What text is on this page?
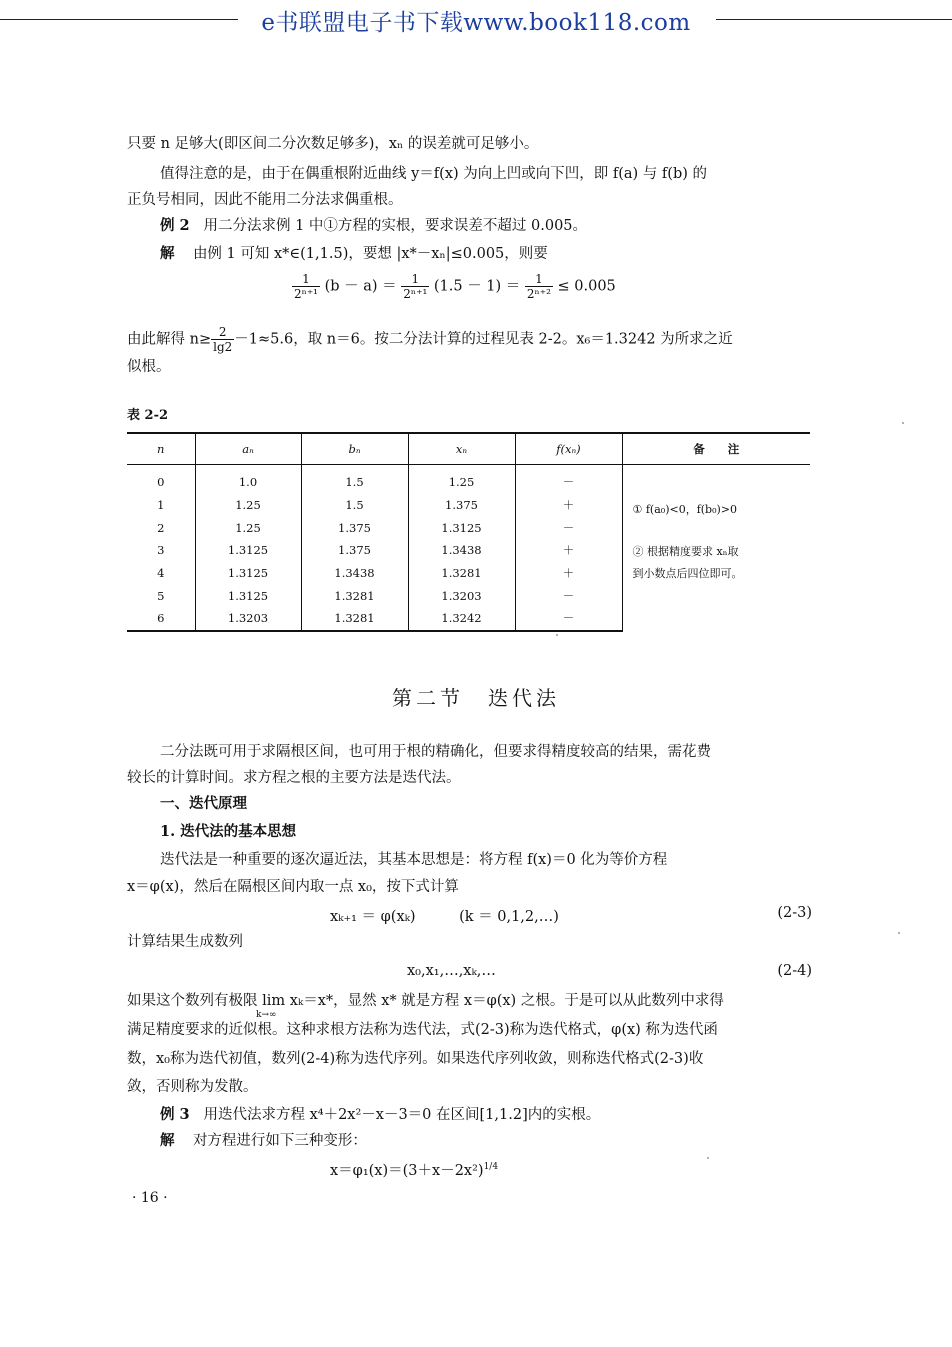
e书联盟电子书下载www.book118.com
只要 n 足够大(即区间二分次数足够多)，xₙ 的误差就可足够小。
值得注意的是，由于在偶重根附近曲线 y＝f(x) 为向上凹或向下凹，即 f(a) 与 f(b) 的
正负号相同，因此不能用二分法求偶重根。
例 2 用二分法求例 1 中①方程的实根，要求误差不超过 0.005。
解 由例 1 可知 x*∈(1,1.5)，要想 |x*－xₙ|≤0.005，则要
$\frac{1}{\text{2ⁿ⁺¹}} (b - a) = \frac{1}{\text{2ⁿ⁺¹}} (1.5 - 1) = \frac{1}{\text{2ⁿ⁺²}} \le 0.005$
由此解得 $n\ge \frac{2}{\lg 2} -1\approx 5.6$，取 n＝6。按二分法计算的过程见表 2-2。x₆＝1.3242 为所求之近
似根。
表 2-2
n	aₙ	bₙ	xₙ	f(xₙ)	备　　注
0	1.0	1.5	1.25	－	① f(a₀)<0，f(b₀)>0
② 根据精度要求 xₙ取
到小数点后四位即可。

1	1.25	1.5	1.375	＋	
2	1.25	1.375	1.3125	－	
3	1.3125	1.375	1.3438	＋	
4	1.3125	1.3438	1.3281	＋	
5	1.3125	1.3281	1.3203	－	
6	1.3203	1.3281	1.3242	－
第二节　迭代法
二分法既可用于求隔根区间，也可用于根的精确化，但要求得精度较高的结果，需花费
较长的计算时间。求方程之根的主要方法是迭代法。
一、迭代原理
1. 迭代法的基本思想
迭代法是一种重要的逐次逼近法，其基本思想是：将方程 f(x)＝0 化为等价方程
x＝φ(x)，然后在隔根区间内取一点 x₀，按下式计算
xₖ₊₁ ＝ φ(xₖ)　　　(k ＝ 0,1,2,…)	(2-3)
计算结果生成数列
x₀,x₁,…,xₖ,…	(2-4)
如果这个数列有极限 lim xₖ＝x*，显然 x* 就是方程 x＝φ(x) 之根。于是可以从此数列中求得
k→∞
满足精度要求的近似根。这种求根方法称为迭代法，式(2-3)称为迭代格式，φ(x) 称为迭代函
数，x₀称为迭代初值，数列(2-4)称为迭代序列。如果迭代序列收敛，则称迭代格式(2-3)收
敛，否则称为发散。
例 3 用迭代法求方程 x⁴＋2x²－x－3＝0 在区间[1,1.2]内的实根。
解 对方程进行如下三种变形：
$x=\varphi_1(x)=(3+x-2x^2)^{1/4}$
· 16 ·
